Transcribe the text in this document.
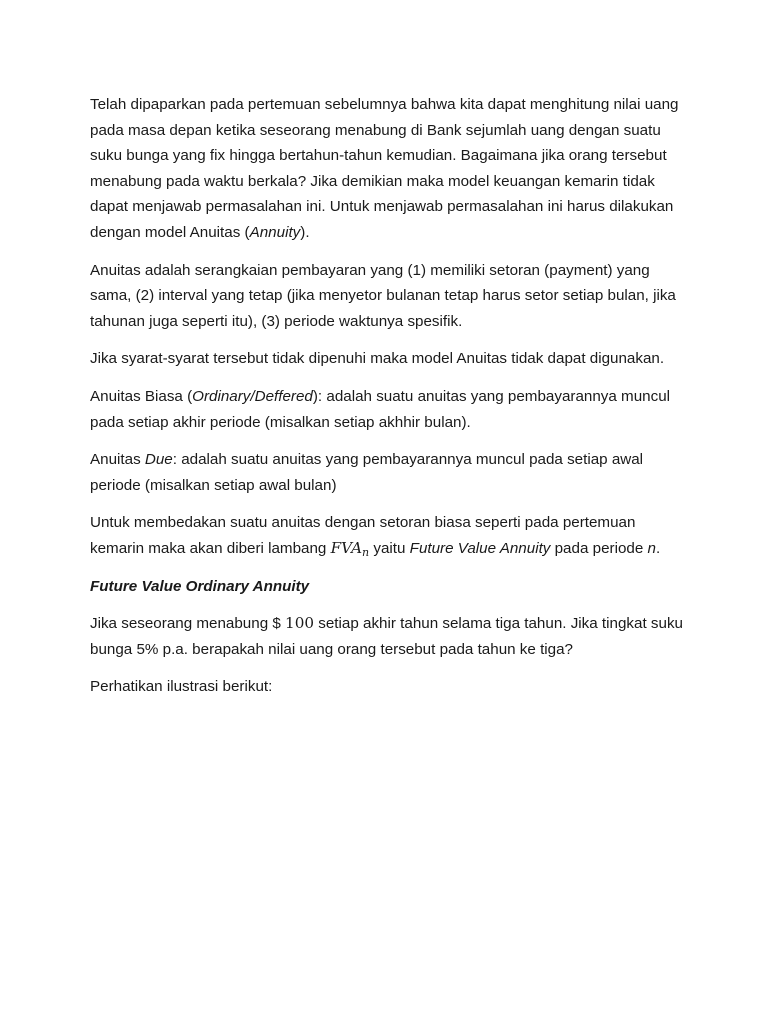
Telah dipaparkan pada pertemuan sebelumnya bahwa kita dapat menghitung nilai uang pada masa depan ketika seseorang menabung di Bank sejumlah uang dengan suatu suku bunga yang fix hingga bertahun-tahun kemudian. Bagaimana jika orang tersebut menabung pada waktu berkala? Jika demikian maka model keuangan kemarin tidak dapat menjawab permasalahan ini. Untuk menjawab permasalahan ini harus dilakukan dengan model Anuitas (Annuity).

Anuitas adalah serangkaian pembayaran yang (1) memiliki setoran (payment) yang sama, (2) interval yang tetap (jika menyetor bulanan tetap harus setor setiap bulan, jika tahunan juga seperti itu), (3) periode waktunya spesifik.

Jika syarat-syarat tersebut tidak dipenuhi maka model Anuitas tidak dapat digunakan.

Anuitas Biasa (Ordinary/Deffered): adalah suatu anuitas yang pembayarannya muncul pada setiap akhir periode (misalkan setiap akhhir bulan).

Anuitas Due: adalah suatu anuitas yang pembayarannya muncul pada setiap awal periode (misalkan setiap awal bulan)

Untuk membedakan suatu anuitas dengan setoran biasa seperti pada pertemuan kemarin maka akan diberi lambang $FVA_n$ yaitu Future Value Annuity pada periode n.

Future Value Ordinary Annuity

Jika seseorang menabung $ 100 setiap akhir tahun selama tiga tahun. Jika tingkat suku bunga 5% p.a. berapakah nilai uang orang tersebut pada tahun ke tiga?

Perhatikan ilustrasi berikut:
